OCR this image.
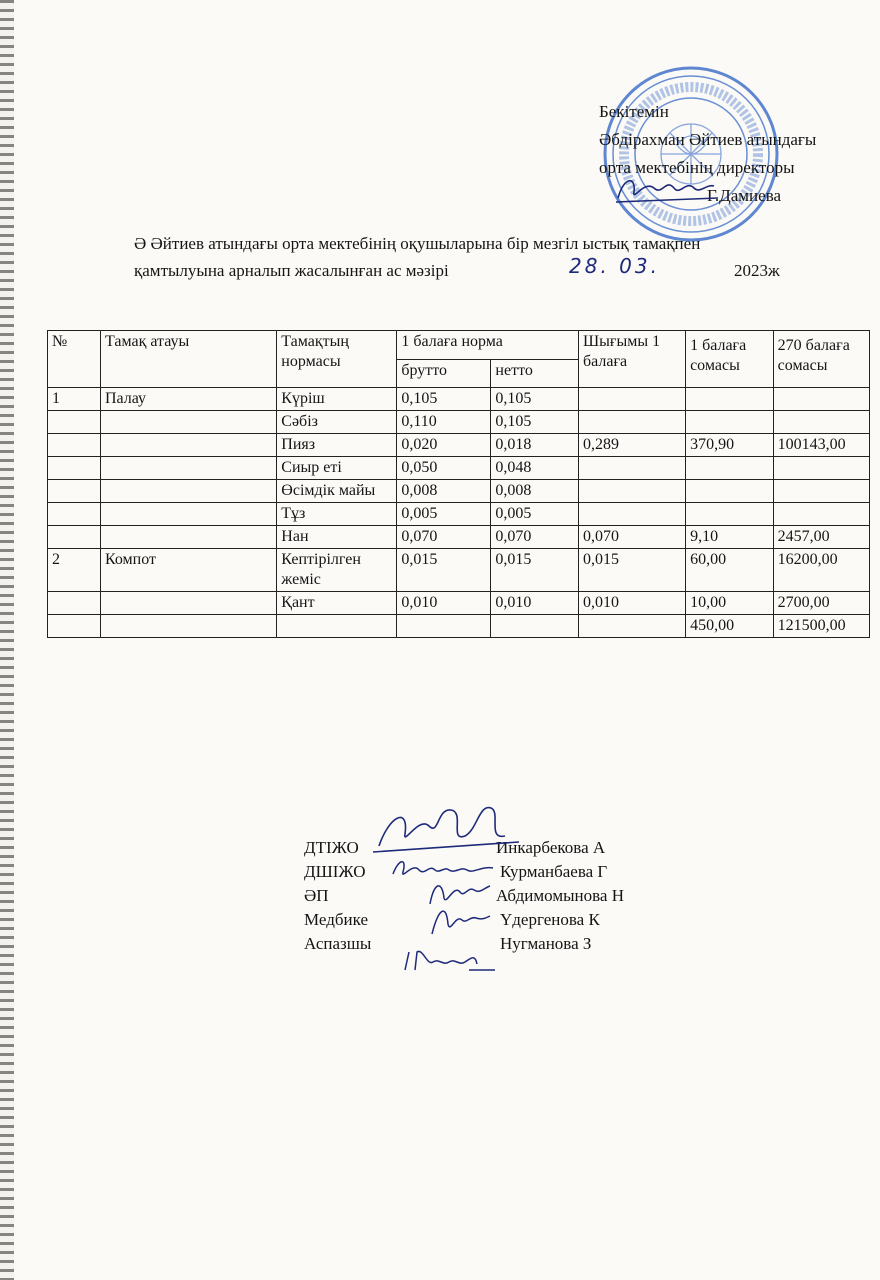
Бекітемін
Әбдірахман Әйтиев атындағы
орта мектебінің директоры
Г.Дамиева
Ә Әйтиев атындағы орта мектебінің оқушыларына бір мезгіл ыстық тамақпен
қамтылуына арналып жасалынған ас мәзірі	28. 03.	2023ж
№	Тамақ атауы	Тамақтың нормасы	1 балаға норма		Шығымы 1 балаға	1 балаға сомасы	270 балаға сомасы
			брутто	нетто			
1	Палау	Күріш	0,105	0,105			
		Сәбіз	0,110	0,105			
		Пияз	0,020	0,018	0,289	370,90	100143,00
		Сиыр еті	0,050	0,048			
		Өсімдік майы	0,008	0,008			
		Тұз	0,005	0,005			
		Нан	0,070	0,070	0,070	9,10	2457,00
2	Компот	Кептірілген жеміс	0,015	0,015	0,015	60,00	16200,00
		Қант	0,010	0,010	0,010	10,00	2700,00
						450,00	121500,00
ДТІЖО	Инкарбекова А
ДШІЖО	Курманбаева Г
ӘП	Абдимомынова Н
Медбике	Үдергенова К
Аспазшы	Нугманова З
